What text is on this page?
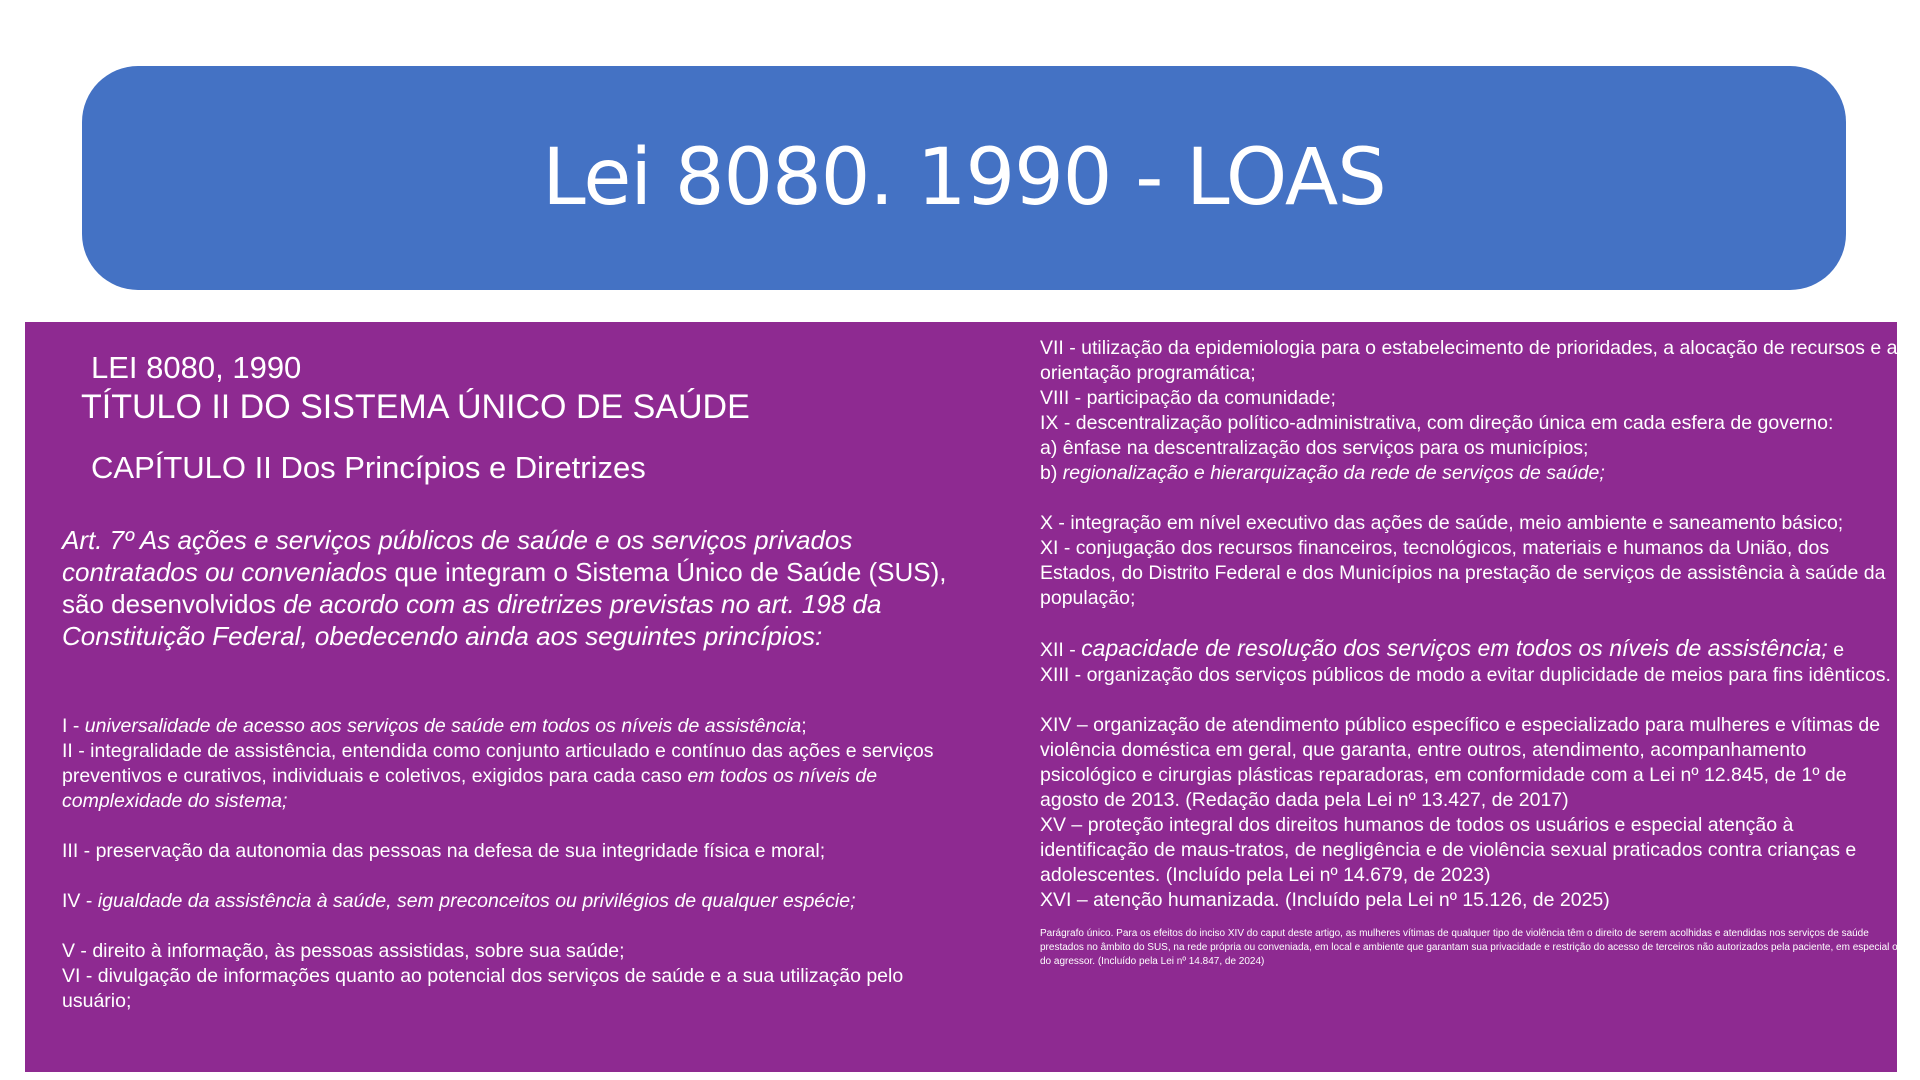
Lei 8080. 1990 - LOAS
LEI 8080, 1990
TÍTULO II DO SISTEMA ÚNICO DE SAÚDE
CAPÍTULO II Dos Princípios e Diretrizes
Art. 7º As ações e serviços públicos de saúde e os serviços privados contratados ou conveniados que integram o Sistema Único de Saúde (SUS), são desenvolvidos de acordo com as diretrizes previstas no art. 198 da Constituição Federal, obedecendo ainda aos seguintes princípios:
I - universalidade de acesso aos serviços de saúde em todos os níveis de assistência;
II - integralidade de assistência, entendida como conjunto articulado e contínuo das ações e serviços preventivos e curativos, individuais e coletivos, exigidos para cada caso em todos os níveis de complexidade do sistema;
III - preservação da autonomia das pessoas na defesa de sua integridade física e moral;
IV - igualdade da assistência à saúde, sem preconceitos ou privilégios de qualquer espécie;
V - direito à informação, às pessoas assistidas, sobre sua saúde;
VI - divulgação de informações quanto ao potencial dos serviços de saúde e a sua utilização pelo usuário;
VII - utilização da epidemiologia para o estabelecimento de prioridades, a alocação de recursos e a orientação programática;
VIII - participação da comunidade;
IX - descentralização político-administrativa, com direção única em cada esfera de governo:
a) ênfase na descentralização dos serviços para os municípios;
b) regionalização e hierarquização da rede de serviços de saúde;
X - integração em nível executivo das ações de saúde, meio ambiente e saneamento básico;
XI - conjugação dos recursos financeiros, tecnológicos, materiais e humanos da União, dos Estados, do Distrito Federal e dos Municípios na prestação de serviços de assistência à saúde da população;
XII - capacidade de resolução dos serviços em todos os níveis de assistência; e
XIII - organização dos serviços públicos de modo a evitar duplicidade de meios para fins idênticos.
XIV – organização de atendimento público específico e especializado para mulheres e vítimas de violência doméstica em geral, que garanta, entre outros, atendimento, acompanhamento psicológico e cirurgias plásticas reparadoras, em conformidade com a Lei nº 12.845, de 1º de agosto de 2013. (Redação dada pela Lei nº 13.427, de 2017)
XV – proteção integral dos direitos humanos de todos os usuários e especial atenção à identificação de maus-tratos, de negligência e de violência sexual praticados contra crianças e adolescentes. (Incluído pela Lei nº 14.679, de 2023)
XVI – atenção humanizada. (Incluído pela Lei nº 15.126, de 2025)
Parágrafo único. Para os efeitos do inciso XIV do caput deste artigo, as mulheres vítimas de qualquer tipo de violência têm o direito de serem acolhidas e atendidas nos serviços de saúde prestados no âmbito do SUS, na rede própria ou conveniada, em local e ambiente que garantam sua privacidade e restrição do acesso de terceiros não autorizados pela paciente, em especial o do agressor. (Incluído pela Lei nº 14.847, de 2024)
